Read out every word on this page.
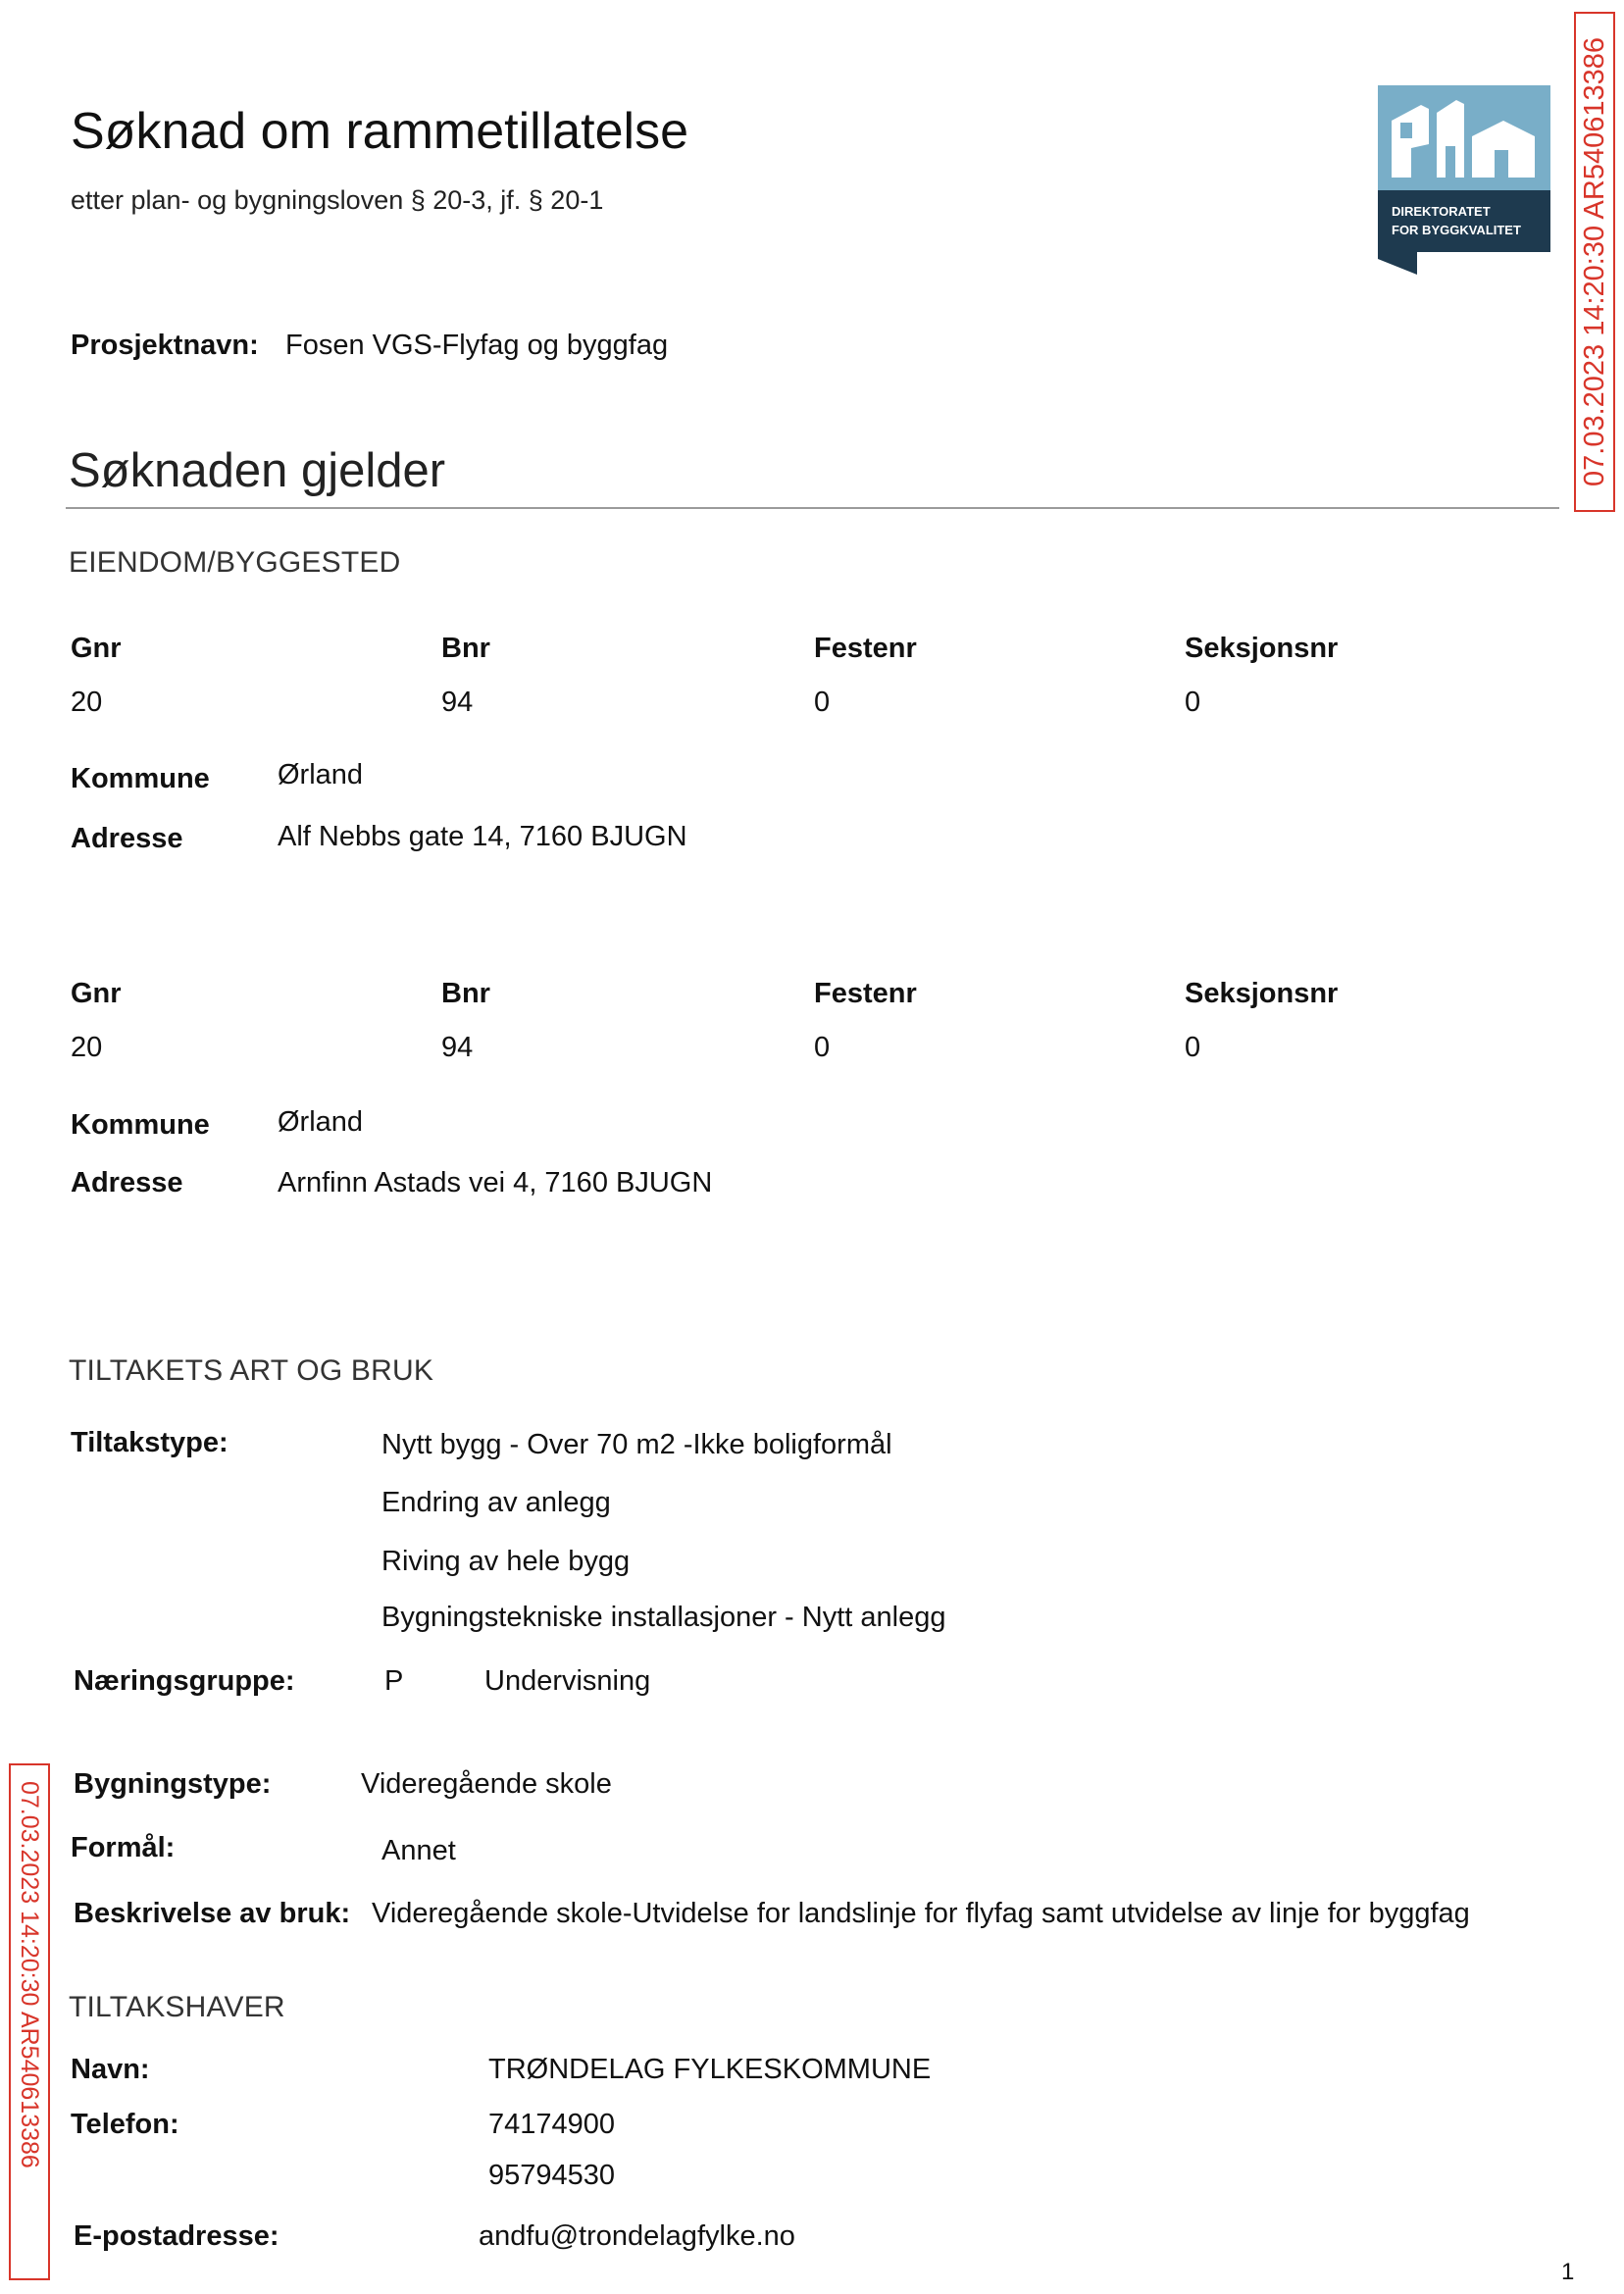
Søknad om rammetillatelse
etter plan- og bygningsloven § 20-3, jf. § 20-1	DIREKTORATET
FOR BYGGKVALITET 07.03.2023 14:20:30 AR540613386
07.03.2023 14:20:30 AR540613386
Prosjektnavn: Fosen VGS-Flyfag og byggfag
Søknaden gjelder
EIENDOM/BYGGESTED
Gnr	Bnr	Festenr	Seksjonsnr
20	94	0	0
Kommune Ørland
Adresse	Alf Nebbs gate 14, 7160 BJUGN
Gnr	Bnr	Festenr	Seksjonsnr
20	94	0	0
Kommune Ørland
Adresse	Arnfinn Astads vei 4, 7160 BJUGN
TILTAKETS ART OG BRUK
Tiltakstype:	Nytt bygg - Over 70 m2 -Ikke boligformål
Endring av anlegg
Riving av hele bygg
Bygningstekniske installasjoner - Nytt anlegg
Næringsgruppe:	P	Undervisning
Bygningstype:	Videregående skole
Formål:	Annet
Beskrivelse av bruk: Videregående skole-Utvidelse for landslinje for flyfag samt utvidelse av linje for byggfag
TILTAKSHAVER
Navn:	TRØNDELAG FYLKESKOMMUNE
Telefon:	74174900
95794530
E-postadresse:	andfu@trondelagfylke.no
1
